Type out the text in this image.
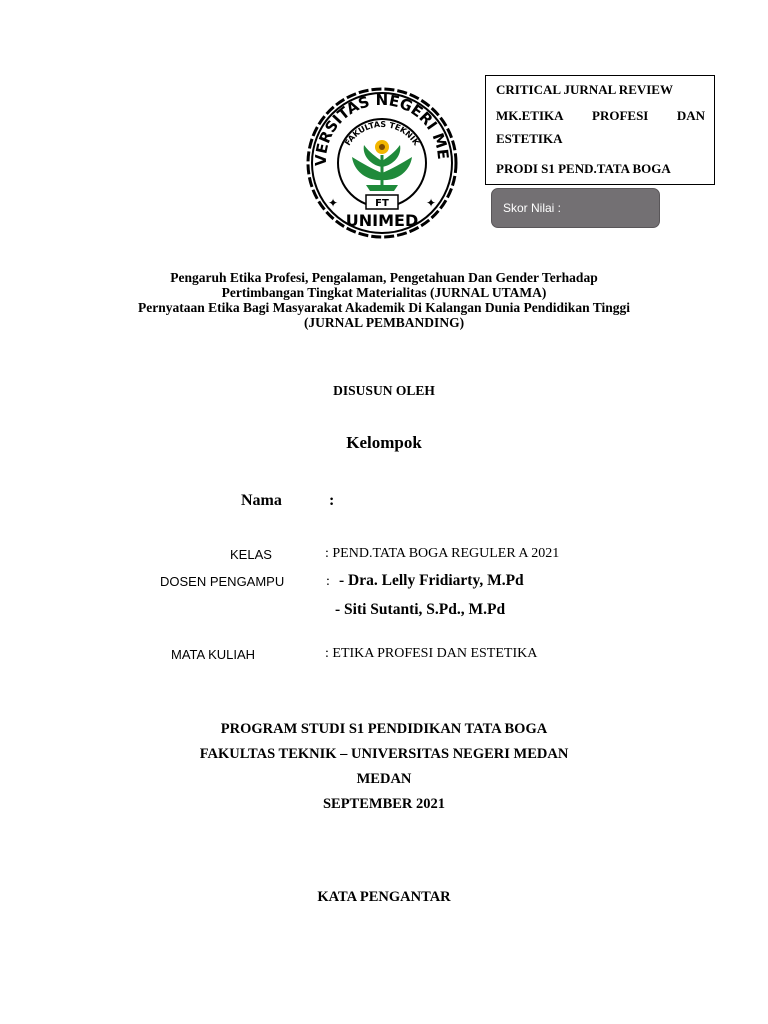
CRITICAL JURNAL REVIEW
MK.ETIKA PROFESI DAN
ESTETIKA
PRODI S1 PEND.TATA BOGA
Skor Nilai :
VERSITAS NEGERI ME
FAKULTAS TEKNIK
FT
✦	✦
UNIMED
Pengaruh Etika Profesi, Pengalaman, Pengetahuan Dan Gender Terhadap
Pertimbangan Tingkat Materialitas (JURNAL UTAMA)
Pernyataan Etika Bagi Masyarakat Akademik Di Kalangan Dunia Pendidikan Tinggi
(JURNAL PEMBANDING)
DISUSUN OLEH
Kelompok
Nama	:
KELAS	: PEND.TATA BOGA REGULER A 2021
DOSEN PENGAMPU	: - Dra. Lelly Fridiarty, M.Pd
- Siti Sutanti, S.Pd., M.Pd
MATA KULIAH	: ETIKA PROFESI DAN ESTETIKA
PROGRAM STUDI S1 PENDIDIKAN TATA BOGA
FAKULTAS TEKNIK – UNIVERSITAS NEGERI MEDAN
MEDAN
SEPTEMBER 2021
KATA PENGANTAR
